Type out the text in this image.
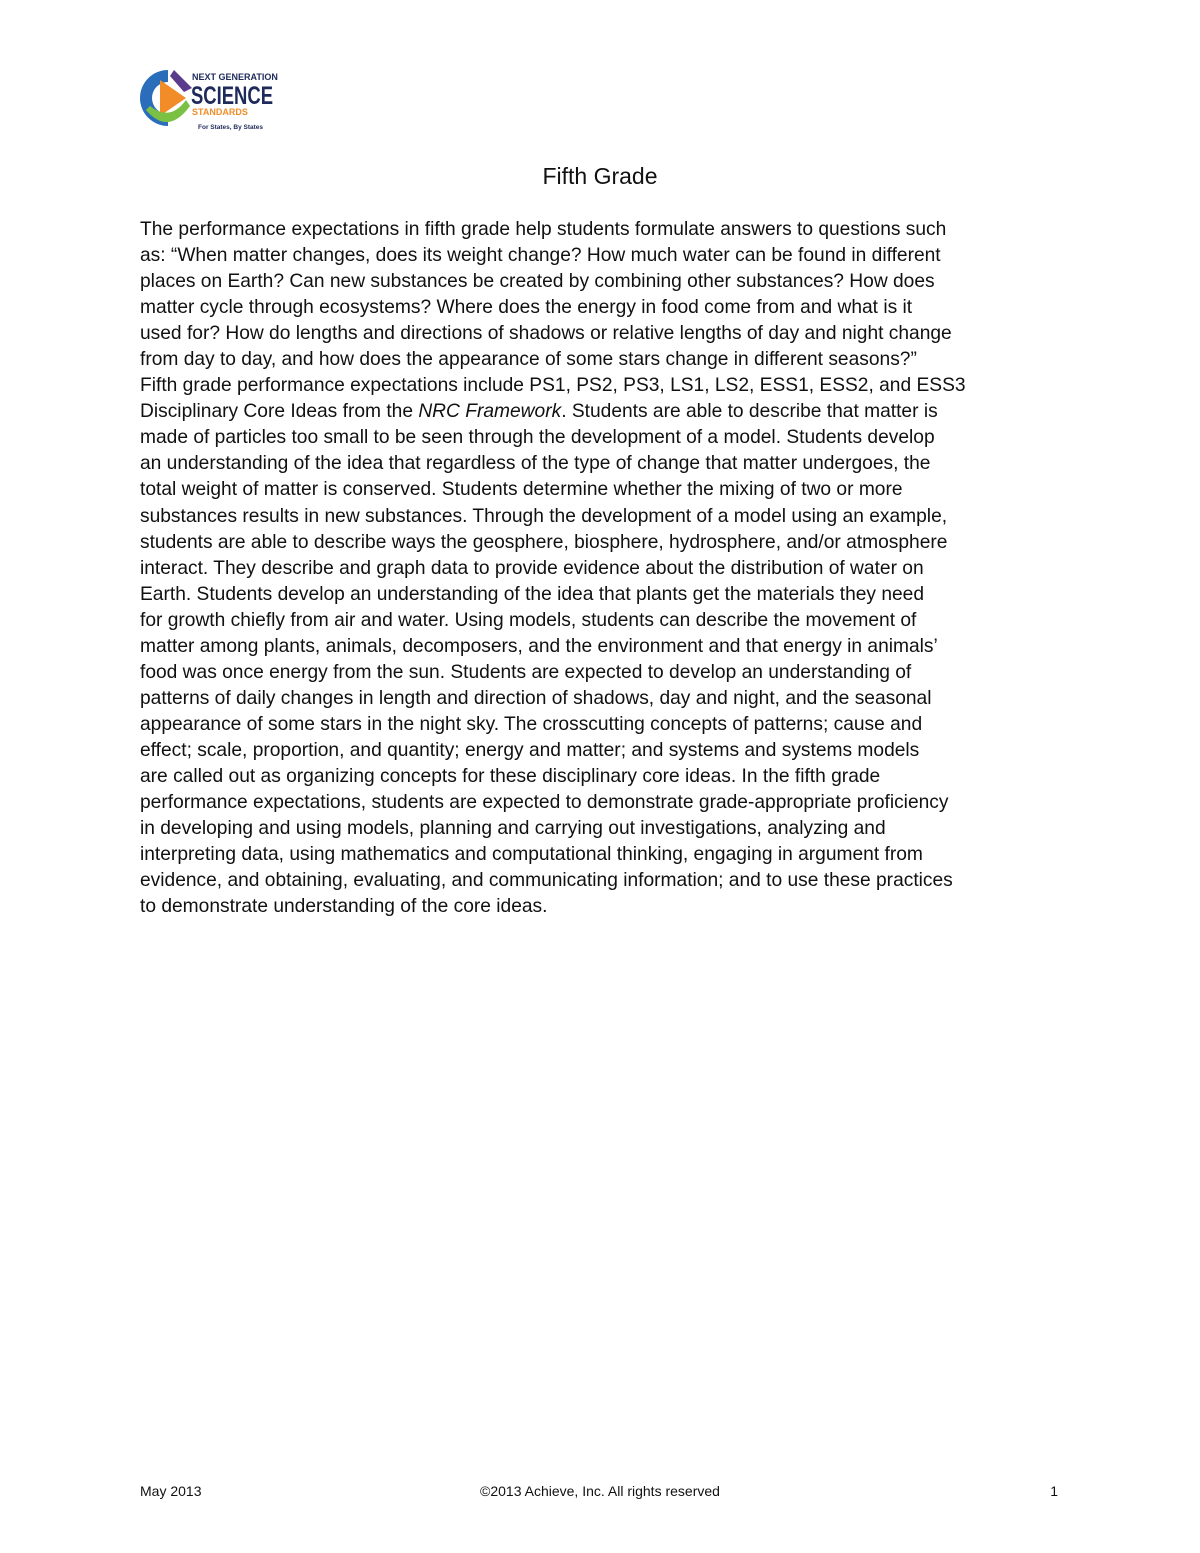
NEXT GENERATION
SCIENCE
STANDARDS
For States, By States
Fifth Grade

The performance expectations in fifth grade help students formulate answers to questions such
as: “When matter changes, does its weight change? How much water can be found in different
places on Earth? Can new substances be created by combining other substances? How does
matter cycle through ecosystems? Where does the energy in food come from and what is it
used for? How do lengths and directions of shadows or relative lengths of day and night change
from day to day, and how does the appearance of some stars change in different seasons?”
Fifth grade performance expectations include PS1, PS2, PS3, LS1, LS2, ESS1, ESS2, and ESS3
Disciplinary Core Ideas from the NRC Framework. Students are able to describe that matter is
made of particles too small to be seen through the development of a model. Students develop
an understanding of the idea that regardless of the type of change that matter undergoes, the
total weight of matter is conserved. Students determine whether the mixing of two or more
substances results in new substances. Through the development of a model using an example,
students are able to describe ways the geosphere, biosphere, hydrosphere, and/or atmosphere
interact. They describe and graph data to provide evidence about the distribution of water on
Earth. Students develop an understanding of the idea that plants get the materials they need
for growth chiefly from air and water. Using models, students can describe the movement of
matter among plants, animals, decomposers, and the environment and that energy in animals’
food was once energy from the sun. Students are expected to develop an understanding of
patterns of daily changes in length and direction of shadows, day and night, and the seasonal
appearance of some stars in the night sky. The crosscutting concepts of patterns; cause and
effect; scale, proportion, and quantity; energy and matter; and systems and systems models
are called out as organizing concepts for these disciplinary core ideas. In the fifth grade
performance expectations, students are expected to demonstrate grade-appropriate proficiency
in developing and using models, planning and carrying out investigations, analyzing and
interpreting data, using mathematics and computational thinking, engaging in argument from
evidence, and obtaining, evaluating, and communicating information; and to use these practices
to demonstrate understanding of the core ideas.

May 2013	©2013 Achieve, Inc. All rights reserved	1
